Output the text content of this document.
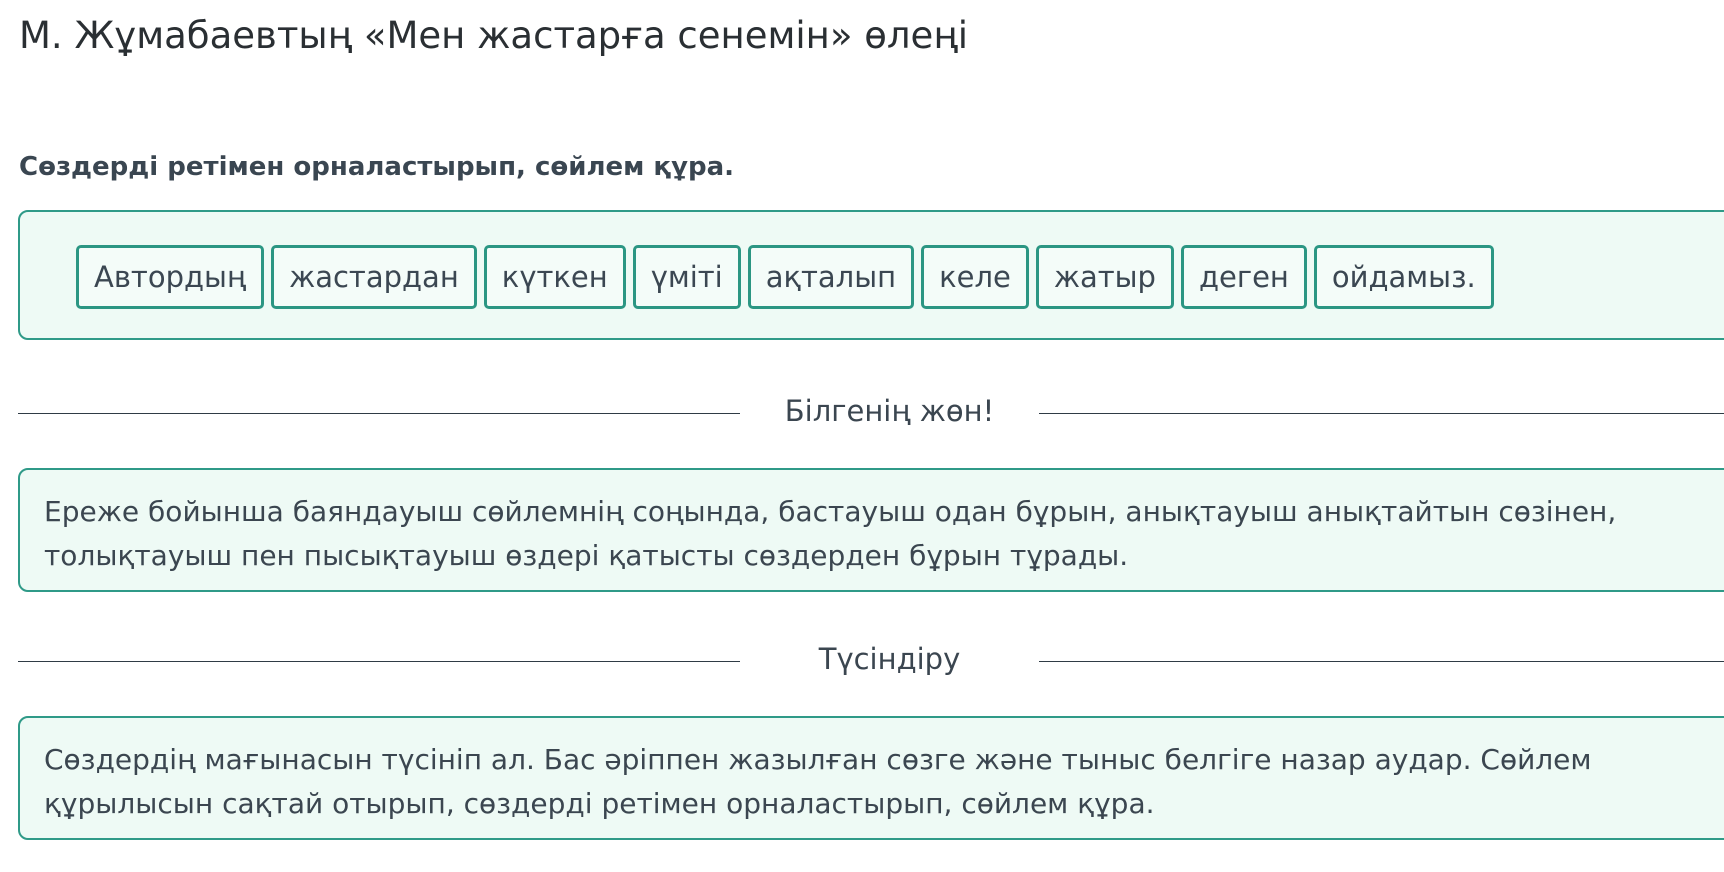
М. Жұмабаевтың «Мен жастарға сенемін» өлеңі
Сөздерді ретімен орналастырып, сөйлем құра.
Автордың	жастардан	күткен	үміті	ақталып	келе	жатыр	деген	ойдамыз.
Білгенің жөн!
Ереже бойынша баяндауыш сөйлемнің соңында, бастауыш одан бұрын, анықтауыш анықтайтын сөзінен,
толықтауыш пен пысықтауыш өздері қатысты сөздерден бұрын тұрады.
Түсіндіру
Сөздердің мағынасын түсініп ал. Бас әріппен жазылған сөзге және тыныс белгіге назар аудар. Сөйлем
құрылысын сақтай отырып, сөздерді ретімен орналастырып, сөйлем құра.
